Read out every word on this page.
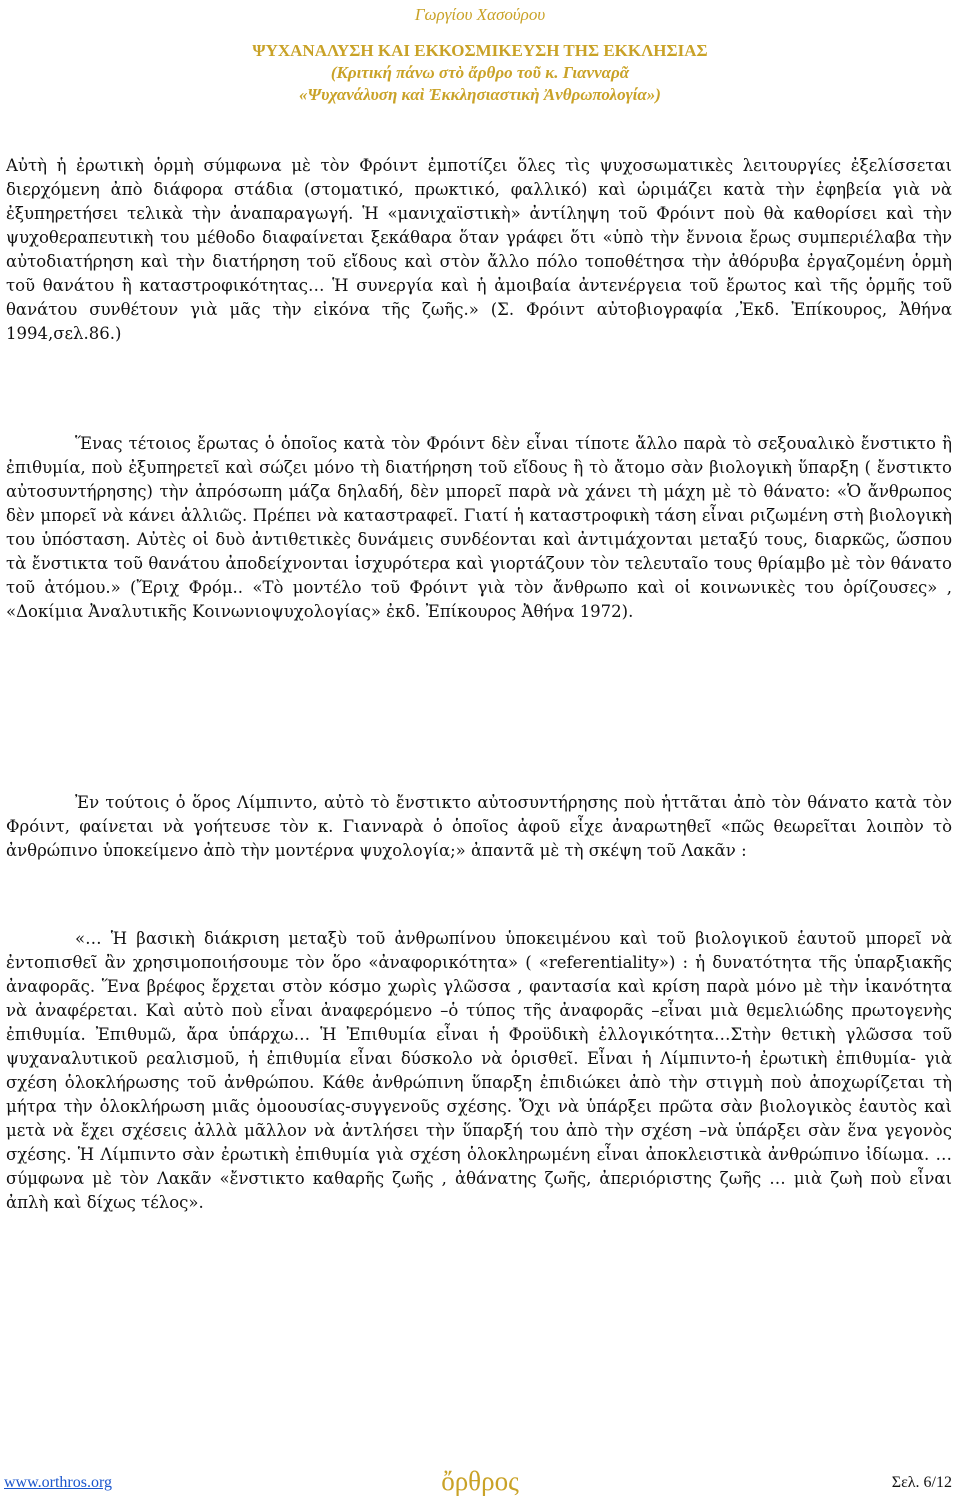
Γωργίου Χασούρου
ΨΥΧΑΝΑΛΥΣΗ ΚΑΙ ΕΚΚΟΣΜΙΚΕΥΣΗ ΤΗΣ ΕΚΚΛΗΣΙΑΣ
(Κριτική πάνω στὸ ἄρθρο τοῦ κ. Γιανναρᾶ
«Ψυχανάλυση καὶ Ἐκκλησιαστικὴ Ἀνθρωπολογία»)

Αὐτὴ ἡ ἐρωτικὴ ὁρμὴ σύμφωνα μὲ τὸν Φρόιντ ἐμποτίζει ὅλες τὶς ψυχοσωματικὲς λειτουργίες ἐξελίσσεται διερχόμενη ἀπὸ διάφορα στάδια (στοματικό, πρωκτικό, φαλλικό) καὶ ὡριμάζει κατὰ τὴν ἐφηβεία γιὰ νὰ ἐξυπηρετήσει τελικὰ τὴν ἀναπαραγωγή. Ἡ «μανιχαϊστικὴ» ἀντίληψη τοῦ Φρόιντ ποὺ θὰ καθορίσει καὶ τὴν ψυχοθεραπευτικὴ του μέθοδο διαφαίνεται ξεκάθαρα ὅταν γράφει ὅτι «ὑπὸ τὴν ἔννοια ἔρως συμπεριέλαβα τὴν αὐτοδιατήρηση καὶ τὴν διατήρηση τοῦ εἴδους καὶ στὸν ἄλλο πόλο τοποθέτησα τὴν ἀθόρυβα ἐργαζομένη ὁρμὴ τοῦ θανάτου ἢ καταστροφικότητας… Ἡ συνεργία καὶ ἡ ἀμοιβαία ἀντενέργεια τοῦ ἔρωτος καὶ τῆς ὁρμῆς τοῦ θανάτου συνθέτουν γιὰ μᾶς τὴν εἰκόνα τῆς ζωῆς.» (Σ. Φρόιντ αὐτοβιογραφία ,Ἐκδ. Ἐπίκουρος, Ἀθήνα 1994,σελ.86.)

Ἕνας τέτοιος ἔρωτας ὁ ὁποῖος κατὰ τὸν Φρόιντ δὲν εἶναι τίποτε ἄλλο παρὰ τὸ σεξουαλικὸ ἔνστικτο ἢ ἐπιθυμία, ποὺ ἐξυπηρετεῖ καὶ σώζει μόνο τὴ διατήρηση τοῦ εἴδους ἢ τὸ ἄτομο σὰν βιολογικὴ ὕπαρξη ( ἔνστικτο αὐτοσυντήρησης) τὴν ἀπρόσωπη μάζα δηλαδή, δὲν μπορεῖ παρὰ νὰ χάνει τὴ μάχη μὲ τὸ θάνατο: «Ὁ ἄνθρωπος δὲν μπορεῖ νὰ κάνει ἀλλιῶς. Πρέπει νὰ καταστραφεῖ. Γιατί ἡ καταστροφικὴ τάση εἶναι ριζωμένη στὴ βιολογικὴ του ὑπόσταση. Αὐτὲς οἱ δυὸ ἀντιθετικὲς δυνάμεις συνδέονται καὶ ἀντιμάχονται μεταξύ τους, διαρκῶς, ὥσπου τὰ ἔνστικτα τοῦ θανάτου ἀποδείχνονται ἰσχυρότερα καὶ γιορτάζουν τὸν τελευταῖο τους θρίαμβο μὲ τὸν θάνατο τοῦ ἀτόμου.» (Ἔριχ Φρόμ.. «Τὸ μοντέλο τοῦ Φρόιντ γιὰ τὸν ἄνθρωπο καὶ οἱ κοινωνικὲς του ὁρίζουσες» , «Δοκίμια Ἀναλυτικῆς Κοινωνιοψυχολογίας» ἐκδ. Ἐπίκουρος Ἀθήνα 1972).

Ἐν τούτοις ὁ ὅρος Λίμπιντο, αὐτὸ τὸ ἔνστικτο αὐτοσυντήρησης ποὺ ἡττᾶται ἀπὸ τὸν θάνατο κατὰ τὸν Φρόιντ, φαίνεται νὰ γοήτευσε τὸν κ. Γιανναρὰ ὁ ὁποῖος ἀφοῦ εἶχε ἀναρωτηθεῖ «πῶς θεωρεῖται λοιπὸν τὸ ἀνθρώπινο ὑποκείμενο ἀπὸ τὴν μοντέρνα ψυχολογία;» ἀπαντᾶ μὲ τὴ σκέψη τοῦ Λακᾶν :

«… Ἡ βασικὴ διάκριση μεταξὺ τοῦ ἀνθρωπίνου ὑποκειμένου καὶ τοῦ βιολογικοῦ ἑαυτοῦ μπορεῖ νὰ ἐντοπισθεῖ ἂν χρησιμοποιήσουμε τὸν ὅρο «ἀναφορικότητα» ( «referentiality») : ἡ δυνατότητα τῆς ὑπαρξιακῆς ἀναφορᾶς. Ἕνα βρέφος ἔρχεται στὸν κόσμο χωρὶς γλῶσσα , φαντασία καὶ κρίση παρὰ μόνο μὲ τὴν ἱκανότητα νὰ ἀναφέρεται. Καὶ αὐτὸ ποὺ εἶναι ἀναφερόμενο –ὁ τύπος τῆς ἀναφορᾶς –εἶναι μιὰ θεμελιώδης πρωτογενὴς ἐπιθυμία. Ἐπιθυμῶ, ἄρα ὑπάρχω… Ἡ Ἐπιθυμία εἶναι ἡ Φροϋδικὴ ἑλλογικότητα…Στὴν θετικὴ γλῶσσα τοῦ ψυχαναλυτικοῦ ρεαλισμοῦ, ἡ ἐπιθυμία εἶναι δύσκολο νὰ ὁρισθεῖ. Εἶναι ἡ Λίμπιντο-ἡ ἐρωτικὴ ἐπιθυμία- γιὰ σχέση ὁλοκλήρωσης τοῦ ἀνθρώπου. Κάθε ἀνθρώπινη ὕπαρξη ἐπιδιώκει ἀπὸ τὴν στιγμὴ ποὺ ἀποχωρίζεται τὴ μήτρα τὴν ὁλοκλήρωση μιᾶς ὁμοουσίας-συγγενοῦς σχέσης. Ὄχι νὰ ὑπάρξει πρῶτα σὰν βιολογικὸς ἑαυτὸς καὶ μετὰ νὰ ἔχει σχέσεις ἀλλὰ μᾶλλον νὰ ἀντλήσει τὴν ὕπαρξή του ἀπὸ τὴν σχέση –νὰ ὑπάρξει σὰν ἕνα γεγονὸς σχέσης. Ἡ Λίμπιντο σὰν ἐρωτικὴ ἐπιθυμία γιὰ σχέση ὁλοκληρωμένη εἶναι ἀποκλειστικὰ ἀνθρώπινο ἰδίωμα. … σύμφωνα μὲ τὸν Λακᾶν «ἔνστικτο καθαρῆς ζωῆς , ἀθάνατης ζωῆς, ἀπεριόριστης ζωῆς … μιὰ ζωὴ ποὺ εἶναι ἀπλὴ καὶ δίχως τέλος».

www.orthros.org	ὄρθρος	Σελ. 6/12
